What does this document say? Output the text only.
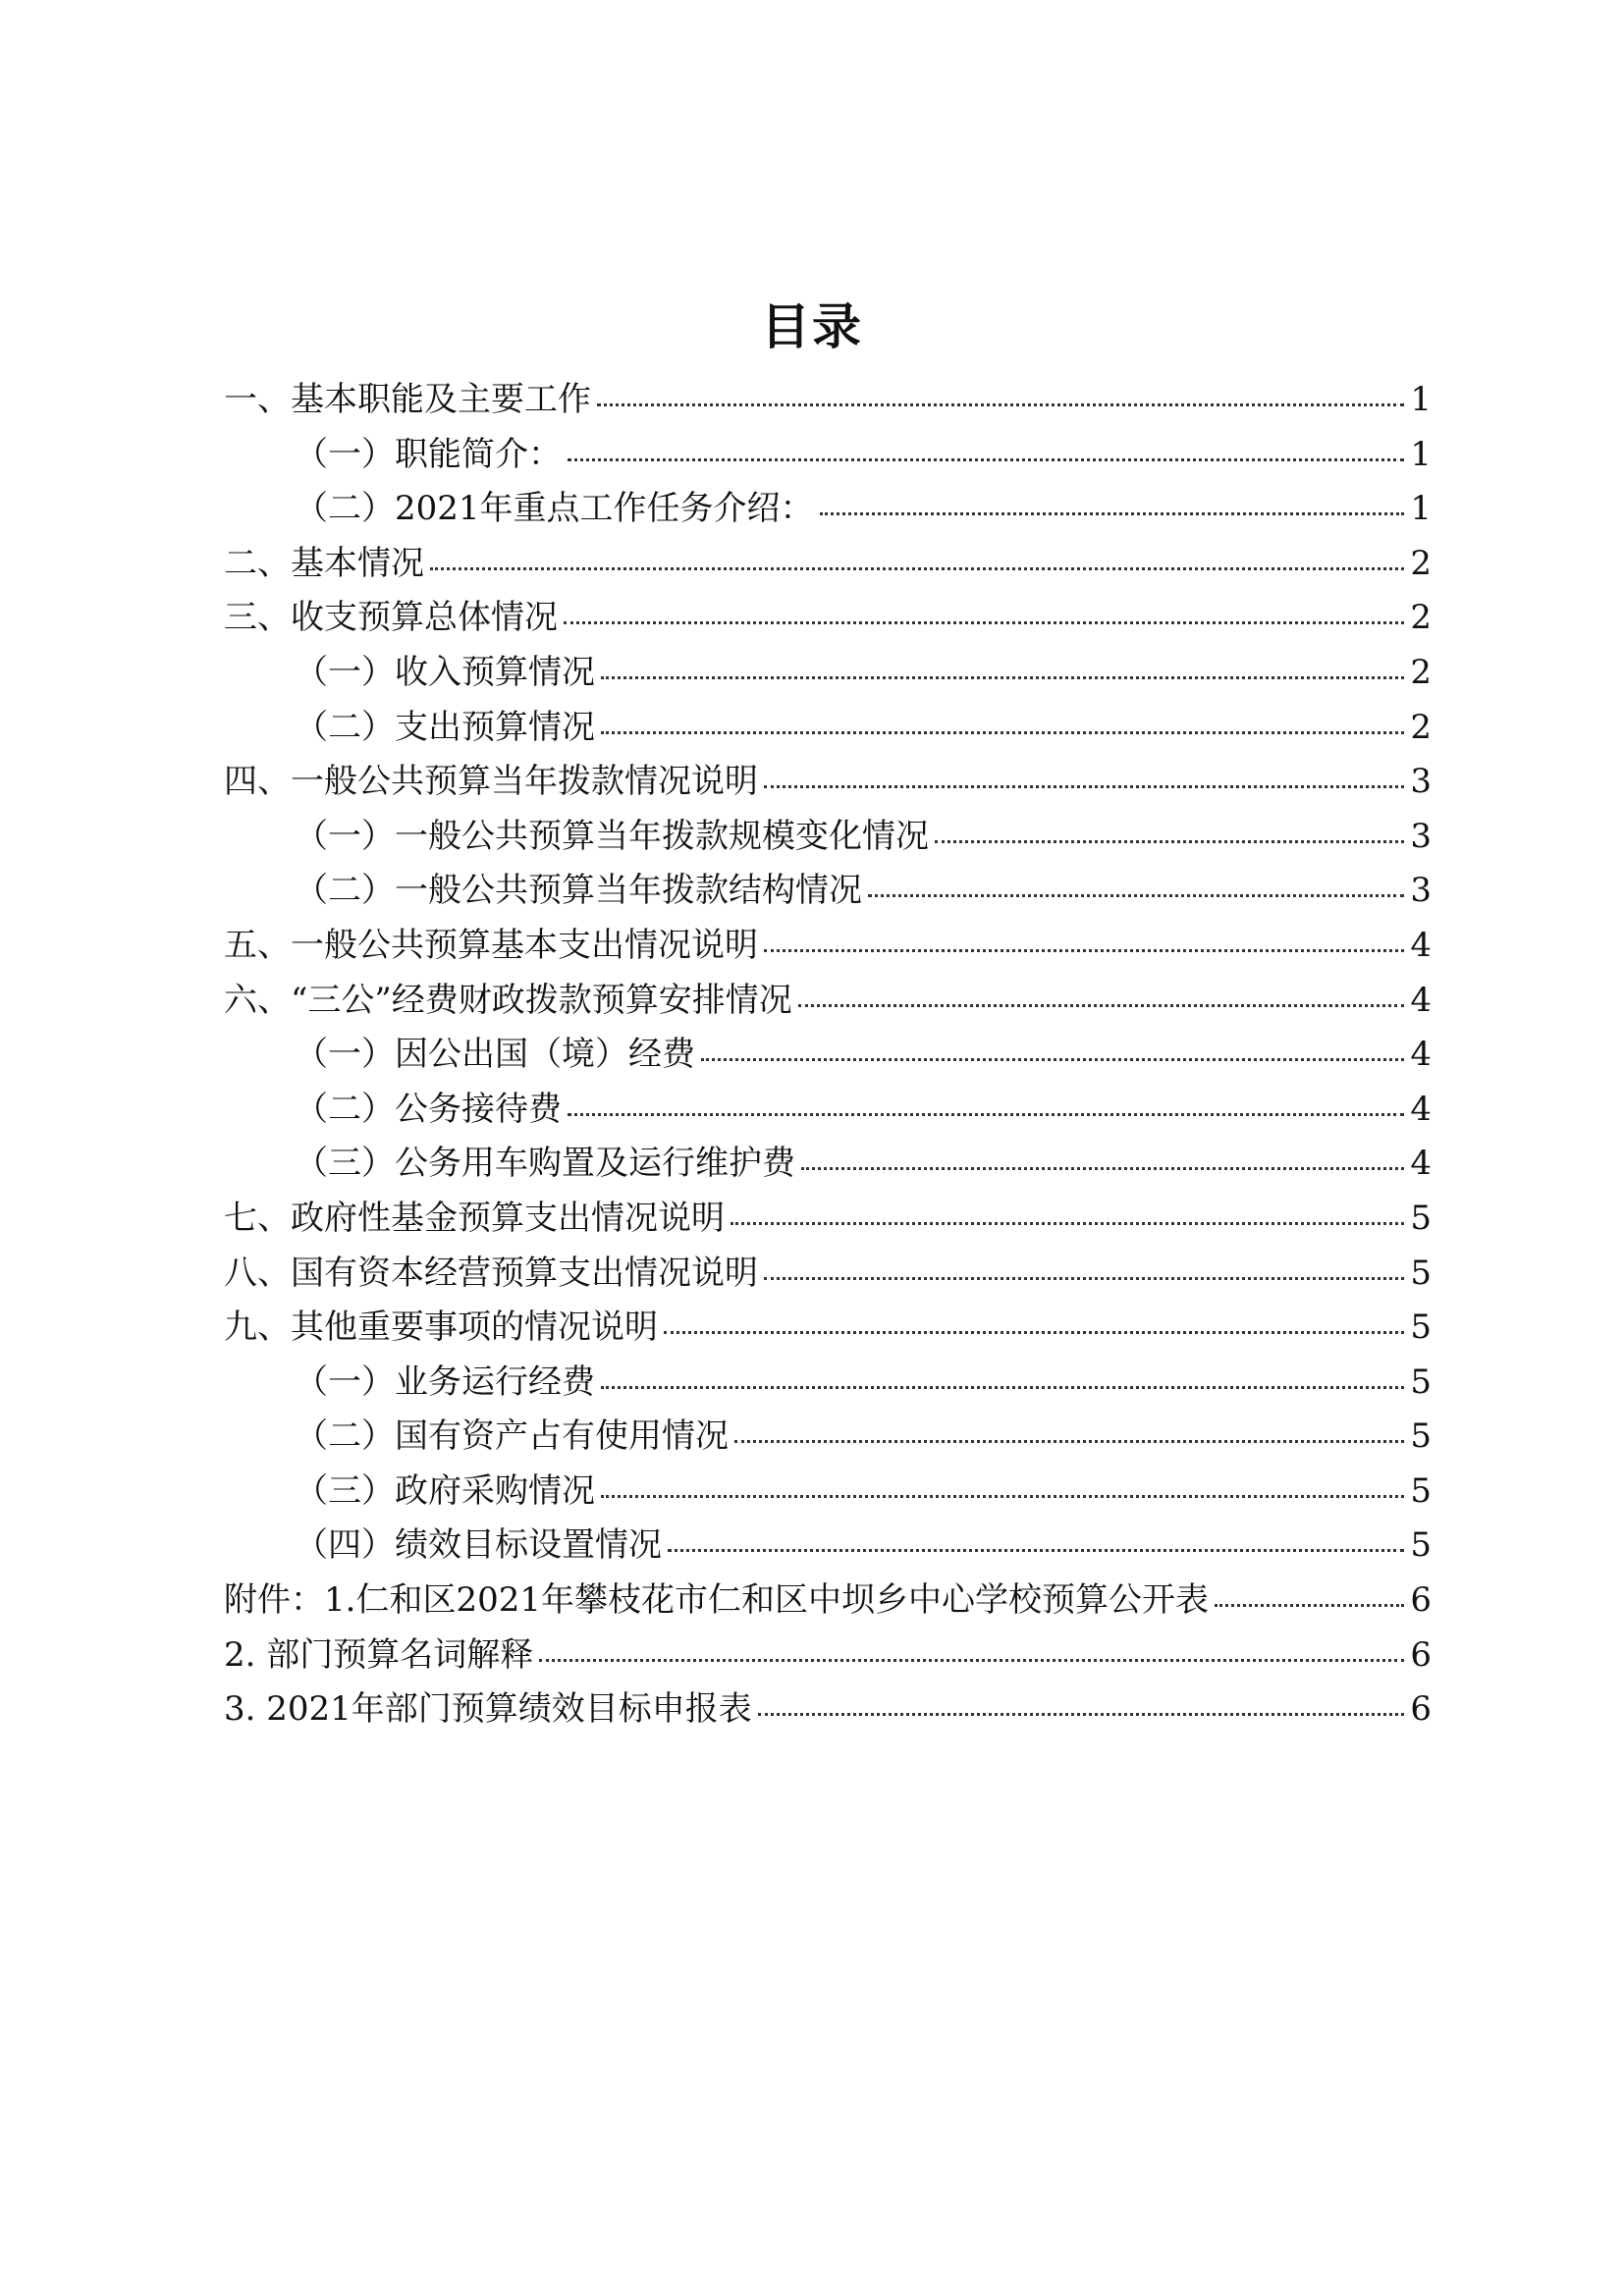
目录
一、基本职能及主要工作	1
（一）职能简介：	1
（二）2021年重点工作任务介绍：	1
二、基本情况	2
三、收支预算总体情况	2
（一）收入预算情况	2
（二）支出预算情况	2
四、一般公共预算当年拨款情况说明	3
（一）一般公共预算当年拨款规模变化情况	3
（二）一般公共预算当年拨款结构情况	3
五、一般公共预算基本支出情况说明	4
六、“三公”经费财政拨款预算安排情况	4
（一）因公出国（境）经费	4
（二）公务接待费	4
（三）公务用车购置及运行维护费	4
七、政府性基金预算支出情况说明	5
八、国有资本经营预算支出情况说明	5
九、其他重要事项的情况说明	5
（一）业务运行经费	5
（二）国有资产占有使用情况	5
（三）政府采购情况	5
（四）绩效目标设置情况	5
附件：1.仁和区2021年攀枝花市仁和区中坝乡中心学校预算公开表	6
2. 部门预算名词解释	6
3. 2021年部门预算绩效目标申报表	6
